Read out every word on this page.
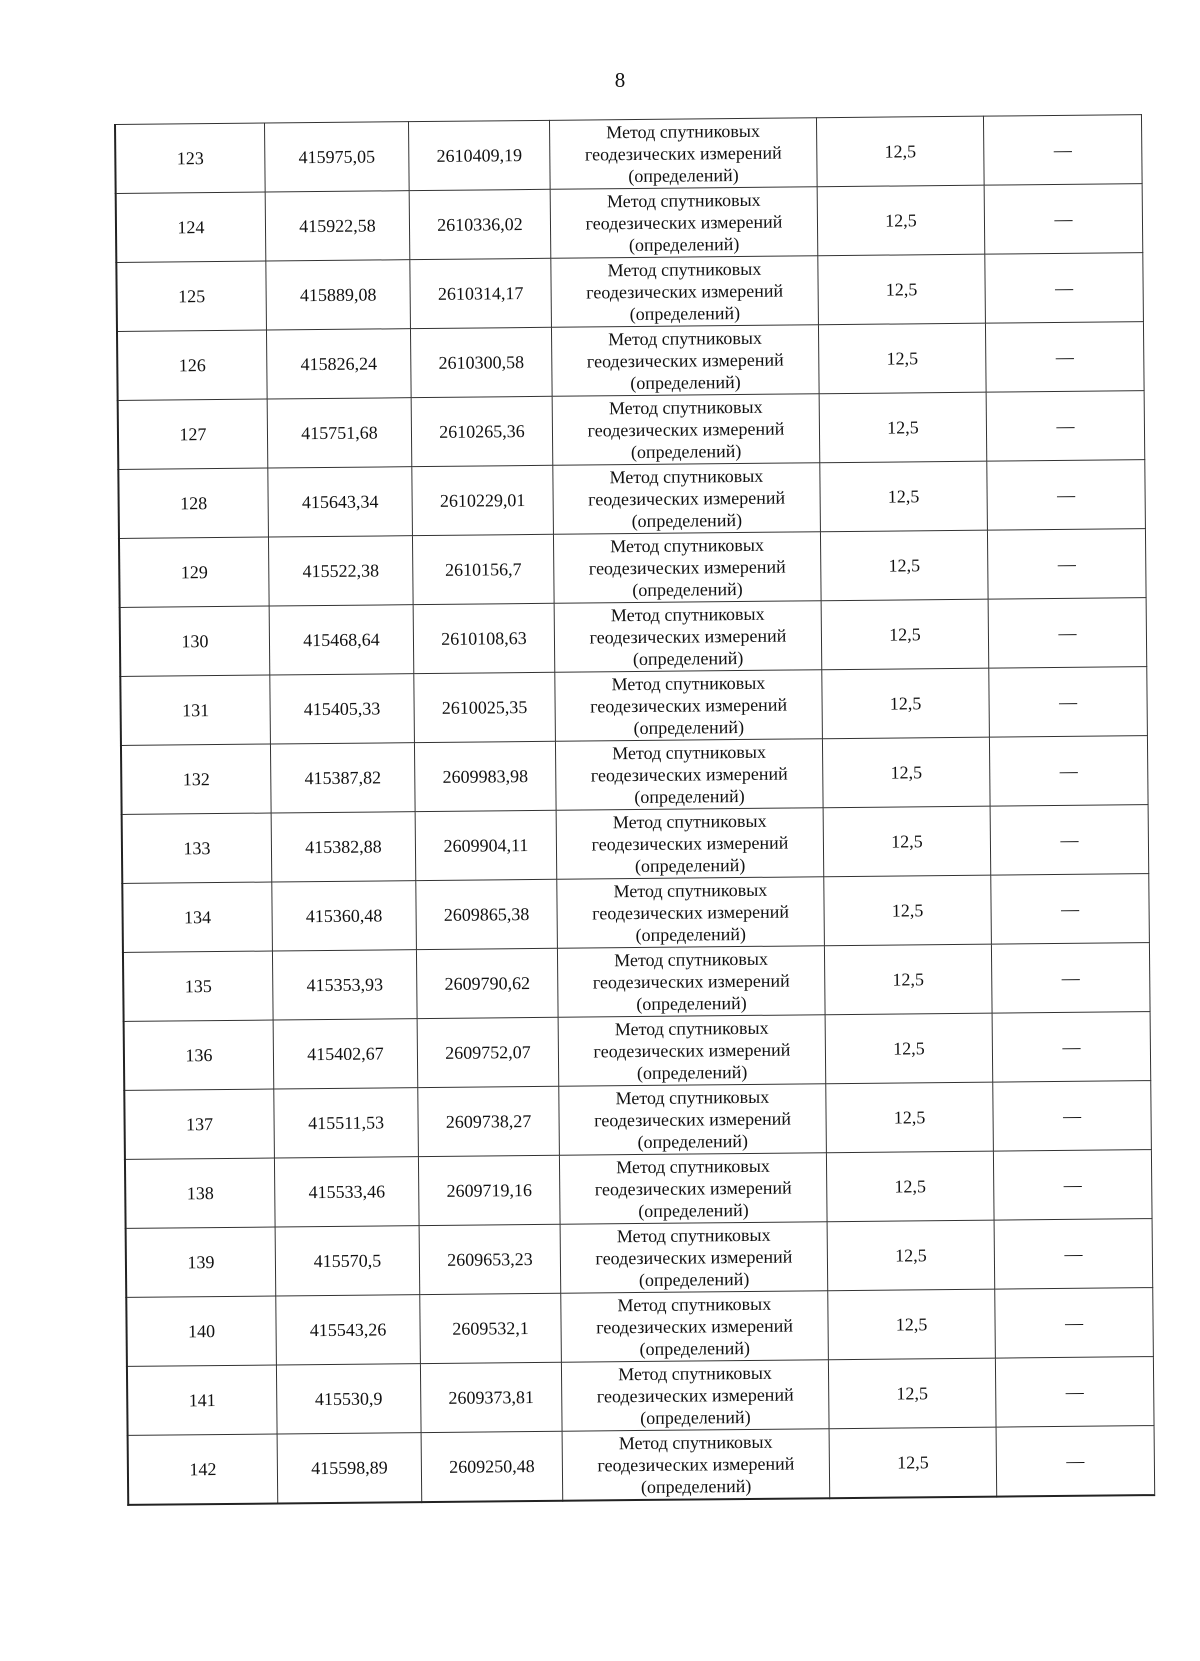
8
123	415975,05	2610409,19	Метод спутниковых
геодезических измерений
(определений)	12,5	—
124	415922,58	2610336,02	Метод спутниковых
геодезических измерений
(определений)	12,5	—
125	415889,08	2610314,17	Метод спутниковых
геодезических измерений
(определений)	12,5	—
126	415826,24	2610300,58	Метод спутниковых
геодезических измерений
(определений)	12,5	—
127	415751,68	2610265,36	Метод спутниковых
геодезических измерений
(определений)	12,5	—
128	415643,34	2610229,01	Метод спутниковых
геодезических измерений
(определений)	12,5	—
129	415522,38	2610156,7	Метод спутниковых
геодезических измерений
(определений)	12,5	—
130	415468,64	2610108,63	Метод спутниковых
геодезических измерений
(определений)	12,5	—
131	415405,33	2610025,35	Метод спутниковых
геодезических измерений
(определений)	12,5	—
132	415387,82	2609983,98	Метод спутниковых
геодезических измерений
(определений)	12,5	—
133	415382,88	2609904,11	Метод спутниковых
геодезических измерений
(определений)	12,5	—
134	415360,48	2609865,38	Метод спутниковых
геодезических измерений
(определений)	12,5	—
135	415353,93	2609790,62	Метод спутниковых
геодезических измерений
(определений)	12,5	—
136	415402,67	2609752,07	Метод спутниковых
геодезических измерений
(определений)	12,5	—
137	415511,53	2609738,27	Метод спутниковых
геодезических измерений
(определений)	12,5	—
138	415533,46	2609719,16	Метод спутниковых
геодезических измерений
(определений)	12,5	—
139	415570,5	2609653,23	Метод спутниковых
геодезических измерений
(определений)	12,5	—
140	415543,26	2609532,1	Метод спутниковых
геодезических измерений
(определений)	12,5	—
141	415530,9	2609373,81	Метод спутниковых
геодезических измерений
(определений)	12,5	—
142	415598,89	2609250,48	Метод спутниковых
геодезических измерений
(определений)	12,5	—
